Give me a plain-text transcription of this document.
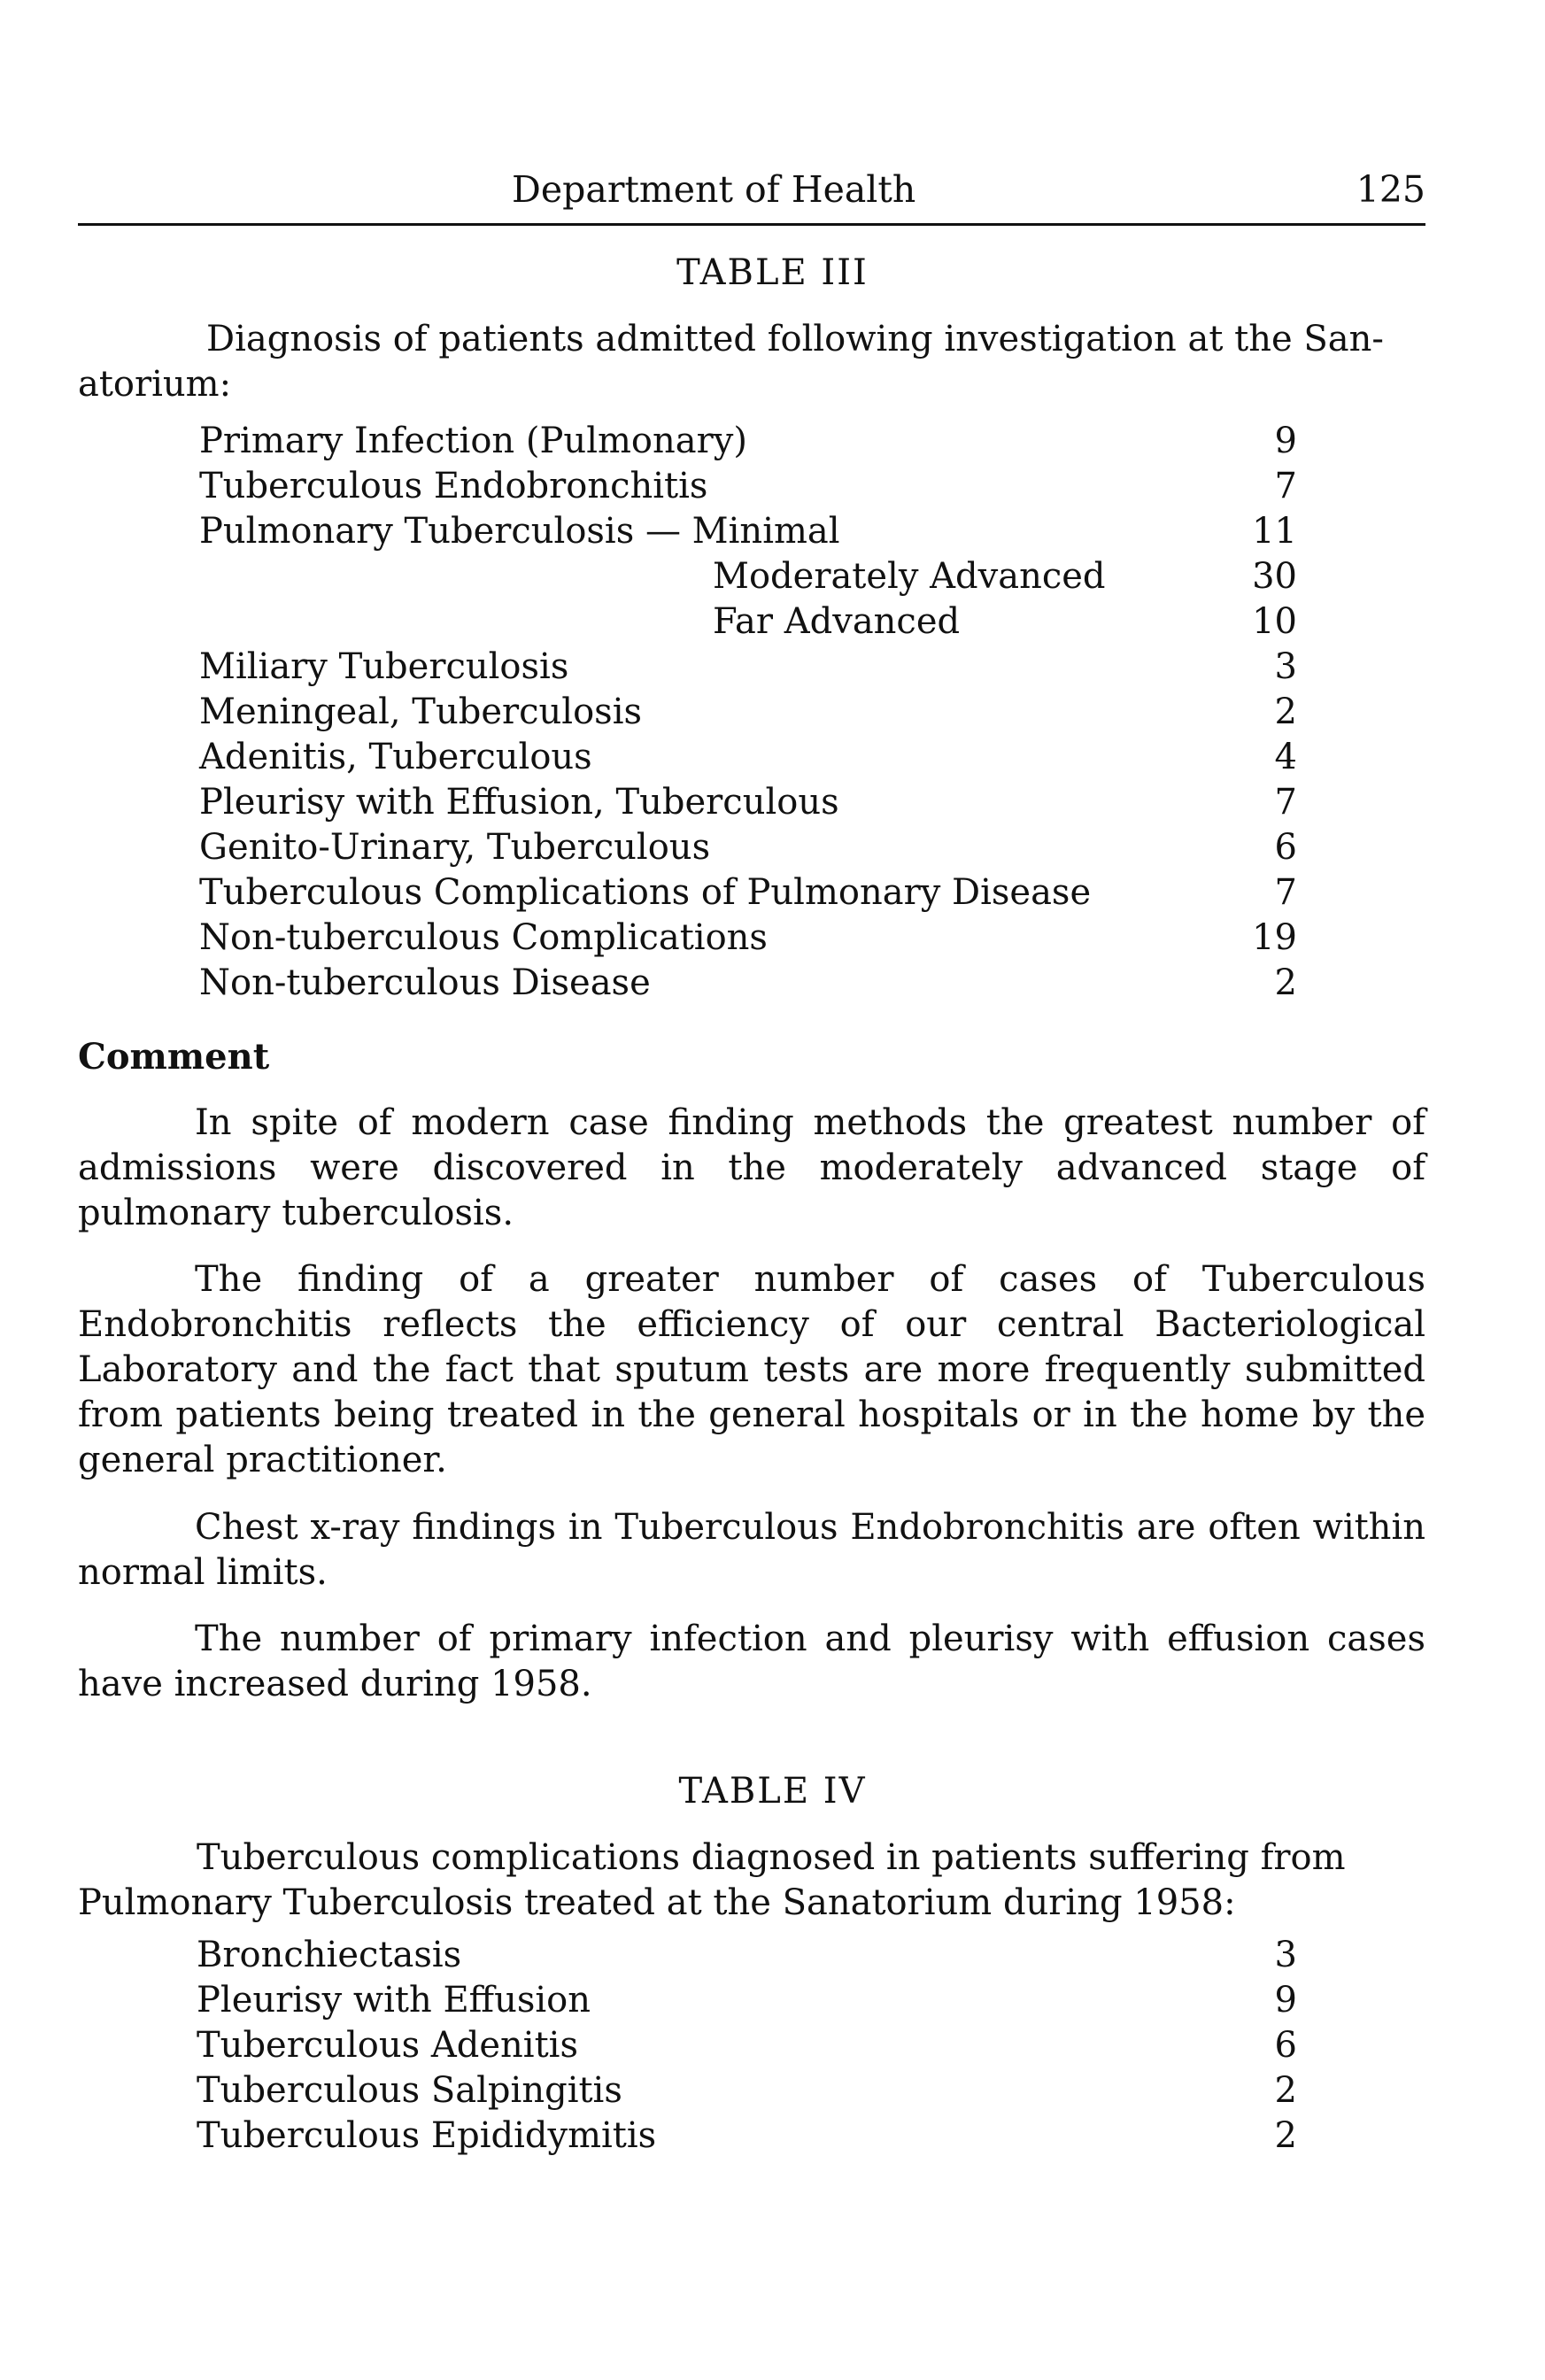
Department of Health	125
TABLE III
Diagnosis of patients admitted following investigation at the San-
atorium:
Primary Infection (Pulmonary)	9
Tuberculous Endobronchitis	7
Pulmonary Tuberculosis — Minimal	11
Moderately Advanced	30
Far Advanced	10
Miliary Tuberculosis	3
Meningeal, Tuberculosis	2
Adenitis, Tuberculous	4
Pleurisy with Effusion, Tuberculous	7
Genito-Urinary, Tuberculous	6
Tuberculous Complications of Pulmonary Disease	7
Non-tuberculous Complications	19
Non-tuberculous Disease	2
Comment

In spite of modern case finding methods the greatest number of admissions were discovered in the moderately advanced stage of pulmonary tuberculosis.

The finding of a greater number of cases of Tuberculous Endobronchitis reflects the efficiency of our central Bacteriological Laboratory and the fact that sputum tests are more frequently submitted from patients being treated in the general hospitals or in the home by the general practitioner.

Chest x-ray findings in Tuberculous Endobronchitis are often within normal limits.

The number of primary infection and pleurisy with effusion cases have increased during 1958.

TABLE IV
Tuberculous complications diagnosed in patients suffering from
Pulmonary Tuberculosis treated at the Sanatorium during 1958:
Bronchiectasis	3
Pleurisy with Effusion	9
Tuberculous Adenitis	6
Tuberculous Salpingitis	2
Tuberculous Epididymitis	2
